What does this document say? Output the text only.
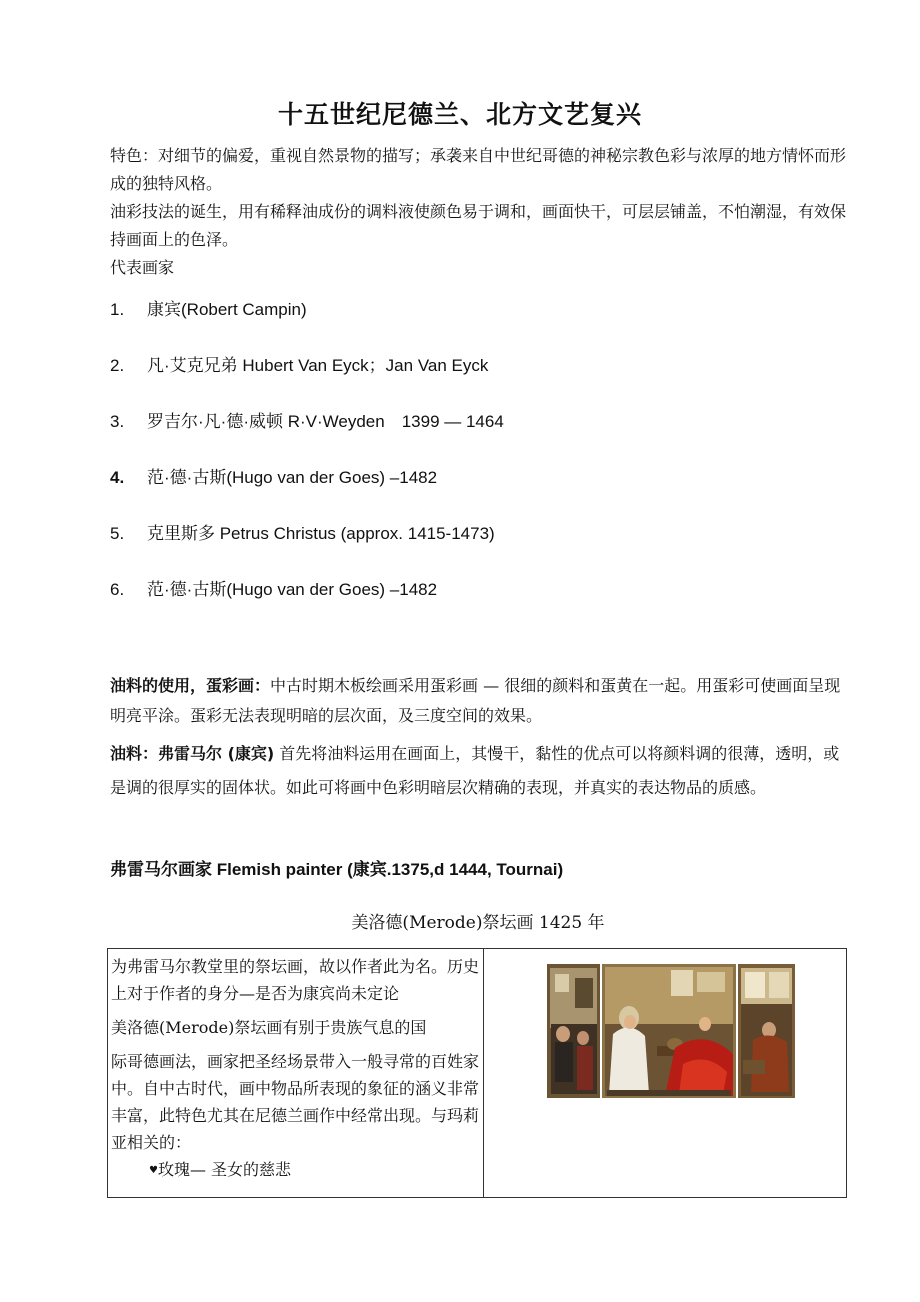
十五世纪尼德兰、北方文艺复兴

特色：对细节的偏爱，重视自然景物的描写；承袭来自中世纪哥德的神秘宗教色彩与浓厚的地方情怀而形成的独特风格。

油彩技法的诞生，用有稀释油成份的调料液使颜色易于调和，画面快干，可层层铺盖，不怕潮湿，有效保持画面上的色泽。

代表画家

1. 康宾(Robert Campin)
2. 凡·艾克兄弟 Hubert Van Eyck；Jan Van Eyck
3. 罗吉尔·凡·德·威顿 R·V·Weyden　1399 — 1464
4. 范·德·古斯(Hugo van der Goes) –1482
5. 克里斯多 Petrus Christus (approx. 1415-1473)
6. 范·德·古斯(Hugo van der Goes) –1482

油料的使用，蛋彩画：中古时期木板绘画采用蛋彩画 — 很细的颜料和蛋黄在一起。用蛋彩可使画面呈现明亮平涂。蛋彩无法表现明暗的层次面，及三度空间的效果。

油料：弗雷马尔 (康宾) 首先将油料运用在画面上，其慢干，黏性的优点可以将颜料调的很薄，透明，或是调的很厚实的固体状。如此可将画中色彩明暗层次精确的表现，并真实的表达物品的质感。

弗雷马尔画家 Flemish painter (康宾.1375,d 1444, Tournai)
美洛德(Merode)祭坛画 1425 年

为弗雷马尔教堂里的祭坛画，故以作者此为名。历史上对于作者的身分—是否为康宾尚未定论

美洛德(Merode)祭坛画有别于贵族气息的国

际哥德画法，画家把圣经场景带入一般寻常的百姓家中。自中古时代，画中物品所表现的象征的涵义非常丰富，此特色尤其在尼德兰画作中经常出现。与玛莉亚相关的：

♥玫瑰— 圣女的慈悲
